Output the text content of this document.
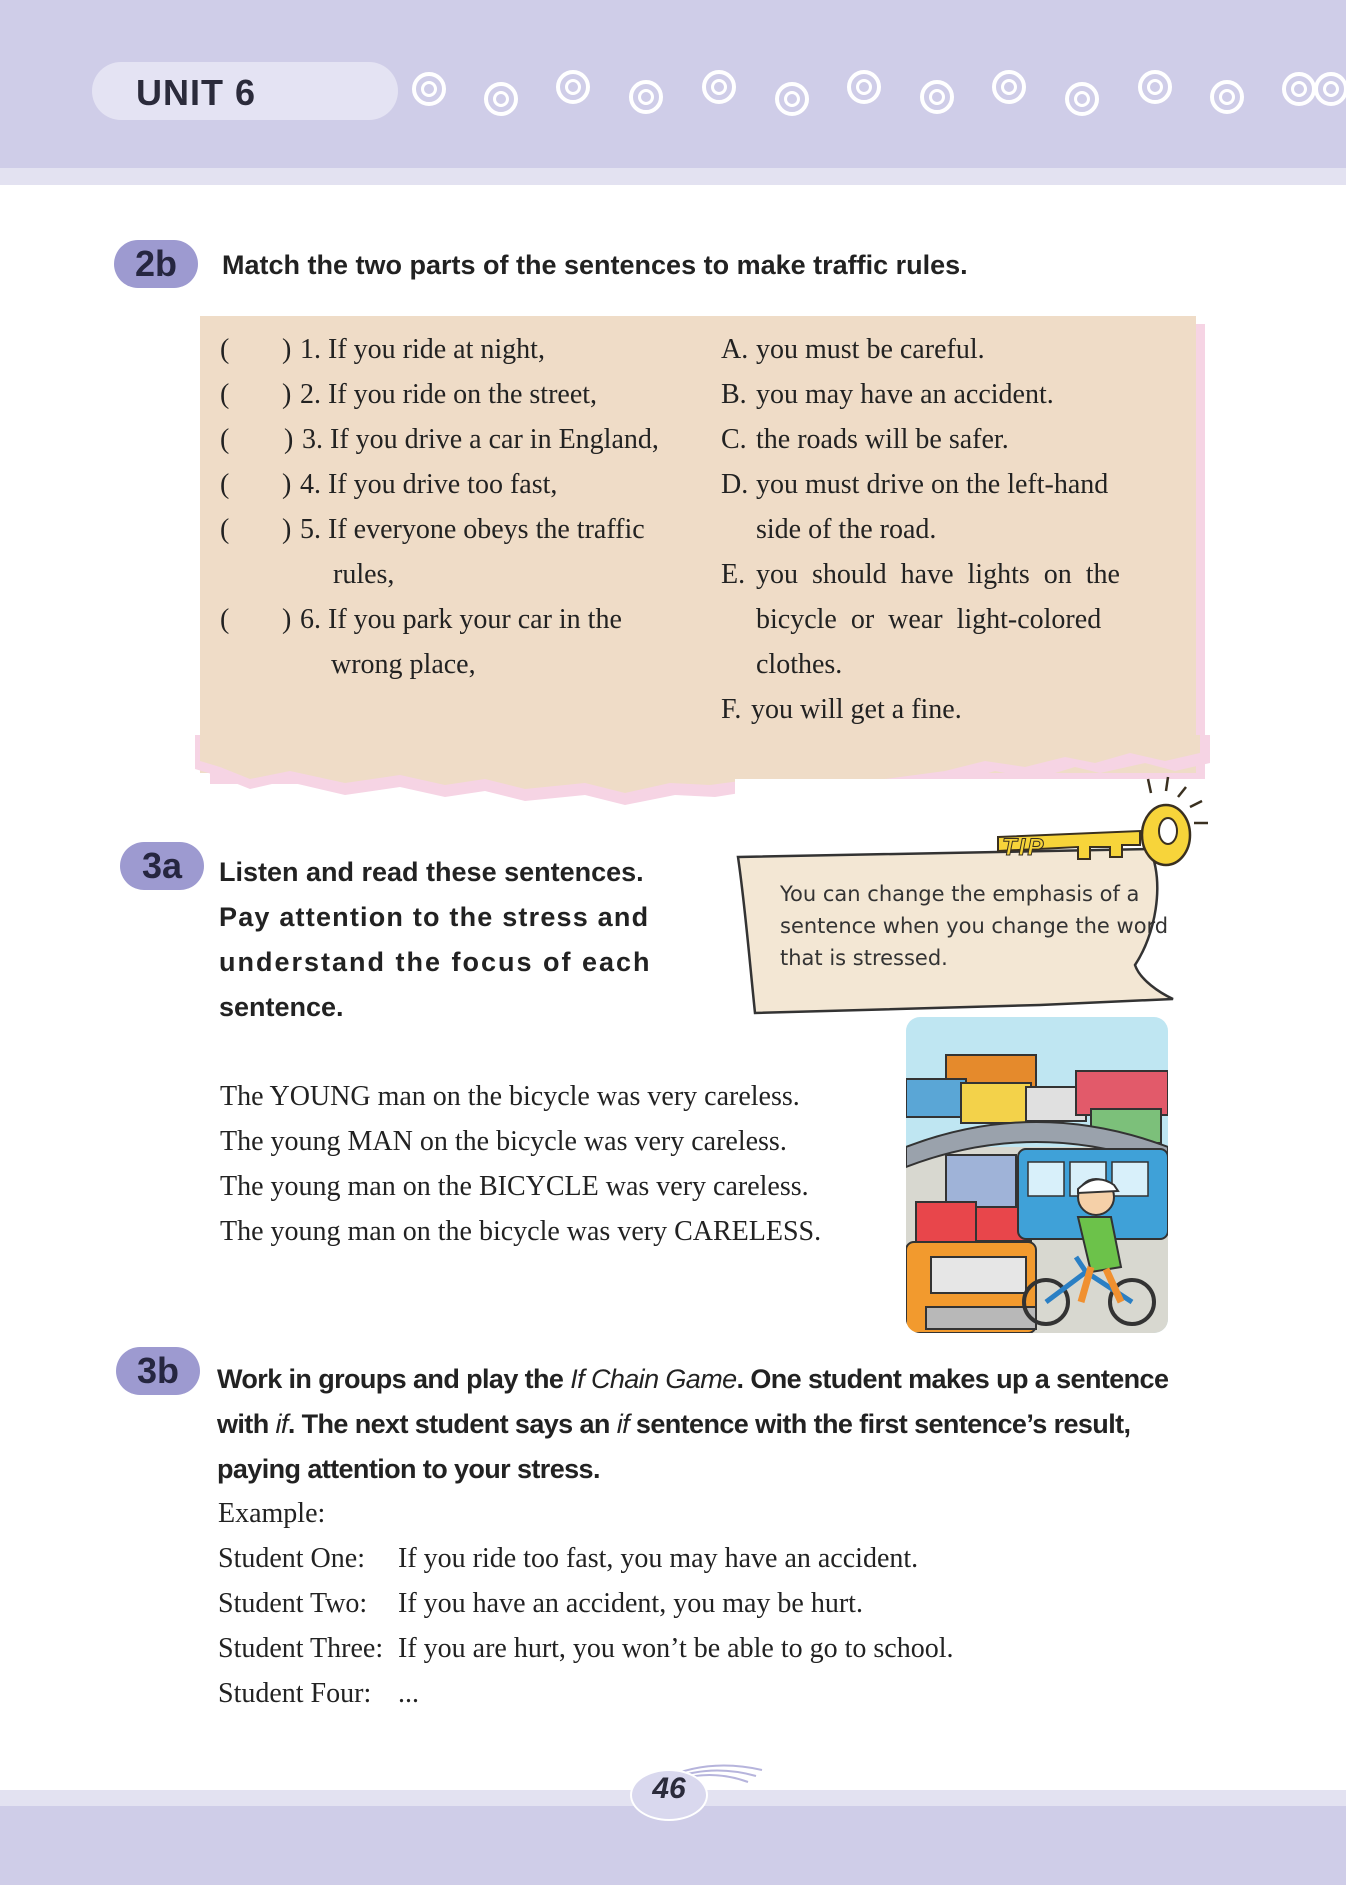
UNIT 6
2b	Match the two parts of the sentences to make traffic rules.
( ) 1. If you ride at night,
( ) 2. If you ride on the street,
( ) 3. If you drive a car in England,
( ) 4. If you drive too fast,
( ) 5. If everyone obeys the traffic
rules,
( ) 6. If you park your car in the
wrong place,
A. you must be careful.
B. you may have an accident.
C. the roads will be safer.
D. you must drive on the left-hand
side of the road.
E. you  should  have  lights  on  the
bicycle  or  wear  light-colored
clothes.
F. you will get a fine.
3a	Listen and read these sentences.
Pay attention to the stress and
understand the focus of each
sentence.
TIP
You can change the emphasis of a
sentence when you change the word
that is stressed.
The YOUNG man on the bicycle was very careless.
The young MAN on the bicycle was very careless.
The young man on the BICYCLE was very careless.
The young man on the bicycle was very CARELESS.
3b	Work in groups and play the If Chain Game. One student makes up a sentence
with if. The next student says an if sentence with the first sentence’s result,
paying attention to your stress.
Example:
Student One: If you ride too fast, you may have an accident.
Student Two: If you have an accident, you may be hurt.
Student Three: If you are hurt, you won’t be able to go to school.
Student Four: ...
46
